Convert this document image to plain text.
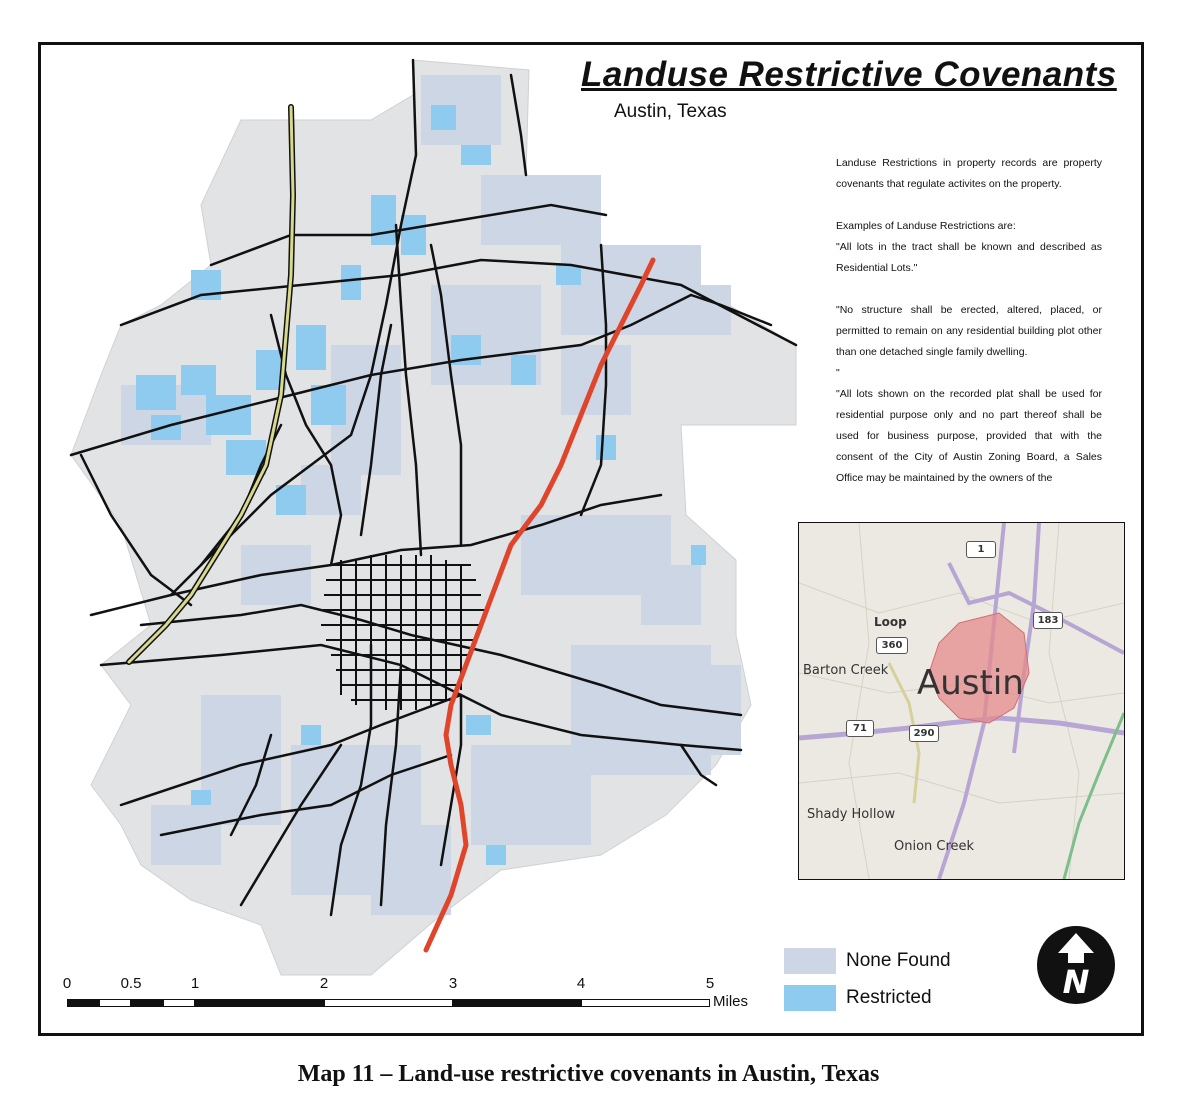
Landuse Restrictive Covenants
Austin, Texas

Landuse Restrictions in property records are property covenants that regulate activites on the property.

Examples of Landuse Restrictions are:

"All lots in the tract shall be known and described as Residential Lots."

"No structure shall be erected, altered, placed, or permitted to remain on any residential building plot other than one detached single family dwelling.

"

"All lots shown on the recorded plat shall be used for residential purpose only and no part thereof shall be used for business purpose, provided that with the consent of the City of Austin Zoning Board, a Sales Office may be maintained by the owners of the

Loop
Austin
Barton Creek
Shady Hollow
Onion Creek
1
360
183
71	290
None Found
Restricted	N
0	0.5	1	2	3	4	5
Miles
Map 11 – Land-use restrictive covenants in Austin, Texas
